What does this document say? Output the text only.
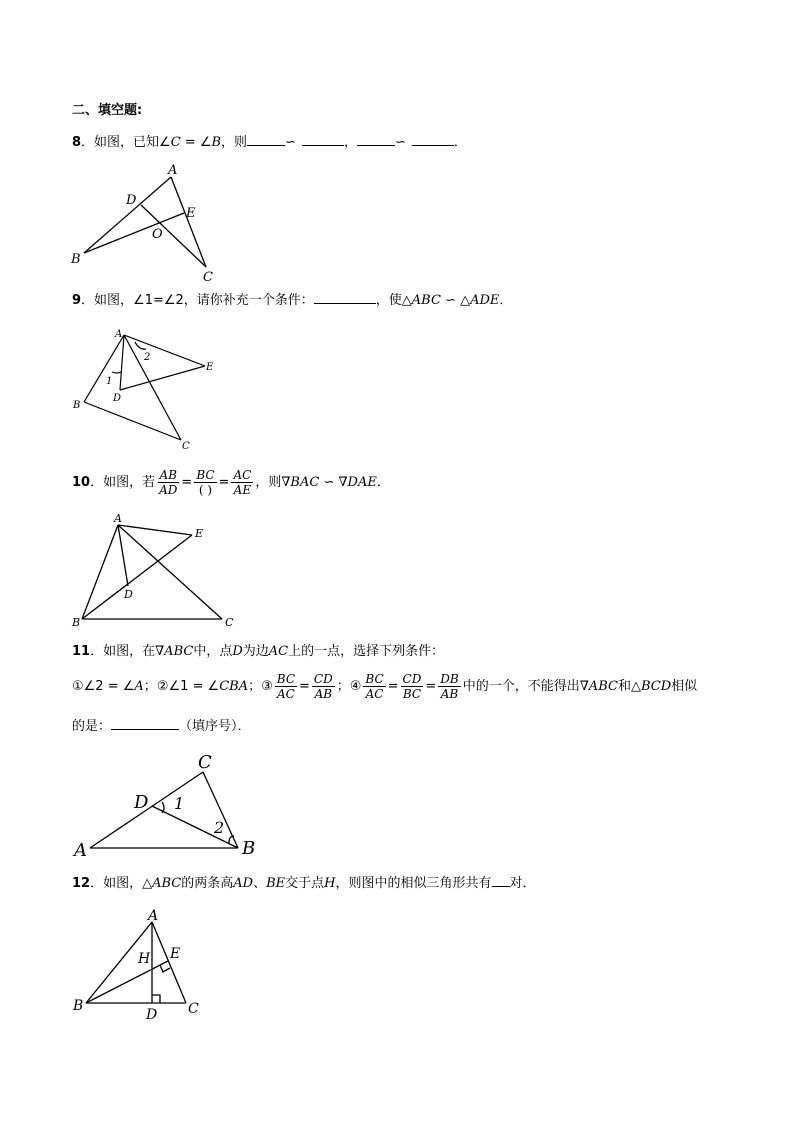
二、填空题:
8．如图，已知∠C = ∠B，则	∽	，	∽	．
A
D
E
O
B
C
9．如图，∠1=∠2，请你补充一个条件：	，使△ABC ∽ △ADE．
A
2
E
1
D
B
C
10．如图，若 $\frac{AB}{AD} = \frac{BC}{( )} = \frac{AC}{AE}$ ，则∇BAC ∽ ∇DAE．
A
E
D
B	C
11．如图，在∇ABC中，点D为边AC上的一点，选择下列条件：
①∠2 = ∠A；②∠1 = ∠CBA；③ $\frac{BC}{AC} = \frac{CD}{AB}$ ；④ $\frac{BC}{AC} = \frac{CD}{BC} = \frac{DB}{AB}$ 中的一个，不能得出∇ABC和△BCD相似
的是：	（填序号）．
C
D 1
2
A	B
12．如图，△ABC的两条高AD、BE交于点H，则图中的相似三角形共有 对．
A
E
H
B	C
D
